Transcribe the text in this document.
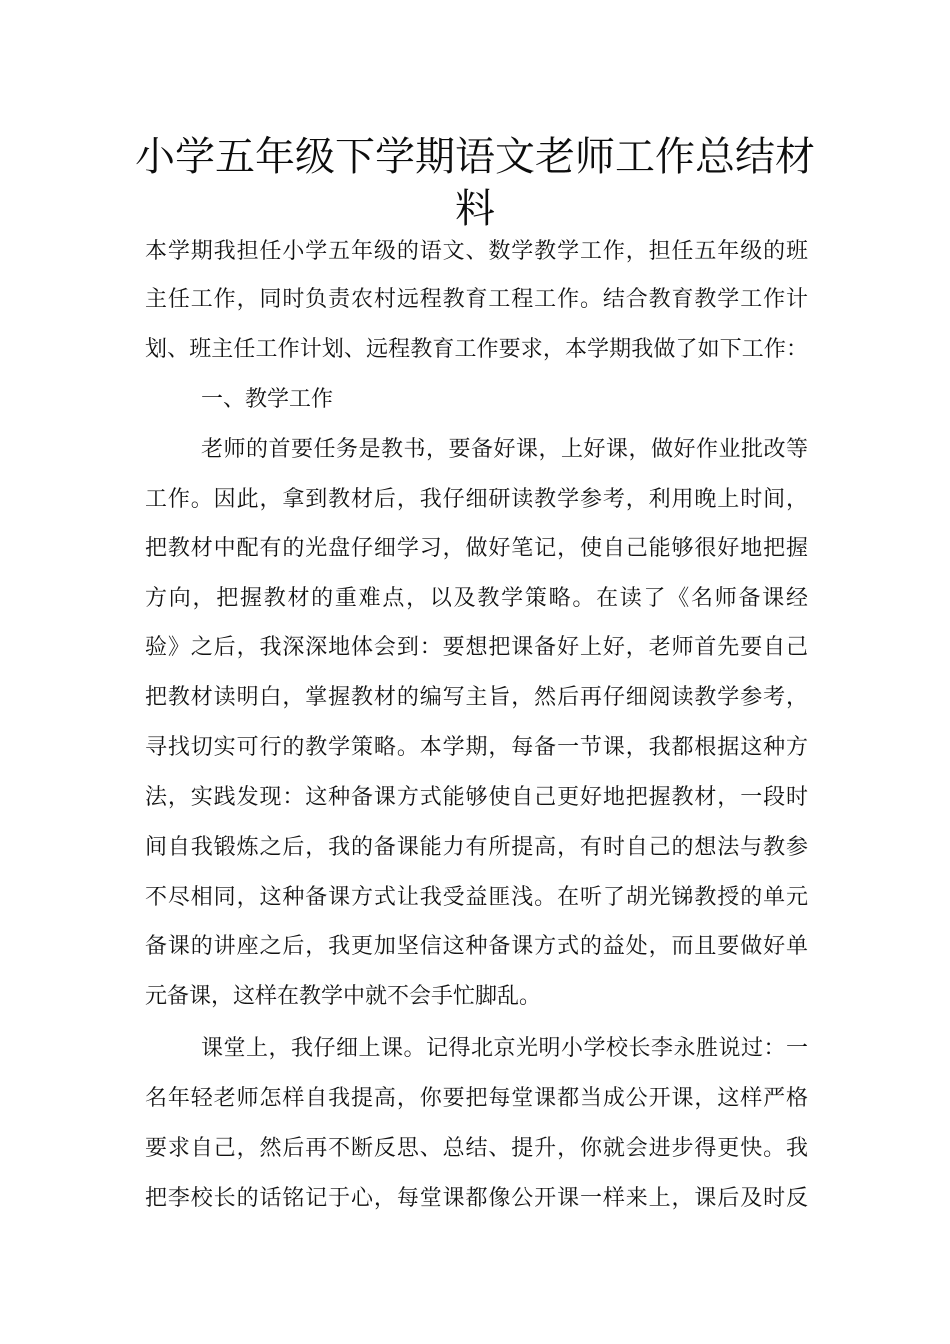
小学五年级下学期语文老师工作总结材
料
本学期我担任小学五年级的语文、数学教学工作，担任五年级的班
主任工作，同时负责农村远程教育工程工作。结合教育教学工作计
划、班主任工作计划、远程教育工作要求，本学期我做了如下工作：
一、教学工作
老师的首要任务是教书，要备好课，上好课，做好作业批改等
工作。因此，拿到教材后，我仔细研读教学参考，利用晚上时间，
把教材中配有的光盘仔细学习，做好笔记，使自己能够很好地把握
方向，把握教材的重难点，以及教学策略。在读了《名师备课经
验》之后，我深深地体会到：要想把课备好上好，老师首先要自己
把教材读明白，掌握教材的编写主旨，然后再仔细阅读教学参考，
寻找切实可行的教学策略。本学期，每备一节课，我都根据这种方
法，实践发现：这种备课方式能够使自己更好地把握教材，一段时
间自我锻炼之后，我的备课能力有所提高，有时自己的想法与教参
不尽相同，这种备课方式让我受益匪浅。在听了胡光锑教授的单元
备课的讲座之后，我更加坚信这种备课方式的益处，而且要做好单
元备课，这样在教学中就不会手忙脚乱。
课堂上，我仔细上课。记得北京光明小学校长李永胜说过：一
名年轻老师怎样自我提高，你要把每堂课都当成公开课，这样严格
要求自己，然后再不断反思、总结、提升，你就会进步得更快。我
把李校长的话铭记于心，每堂课都像公开课一样来上，课后及时反
